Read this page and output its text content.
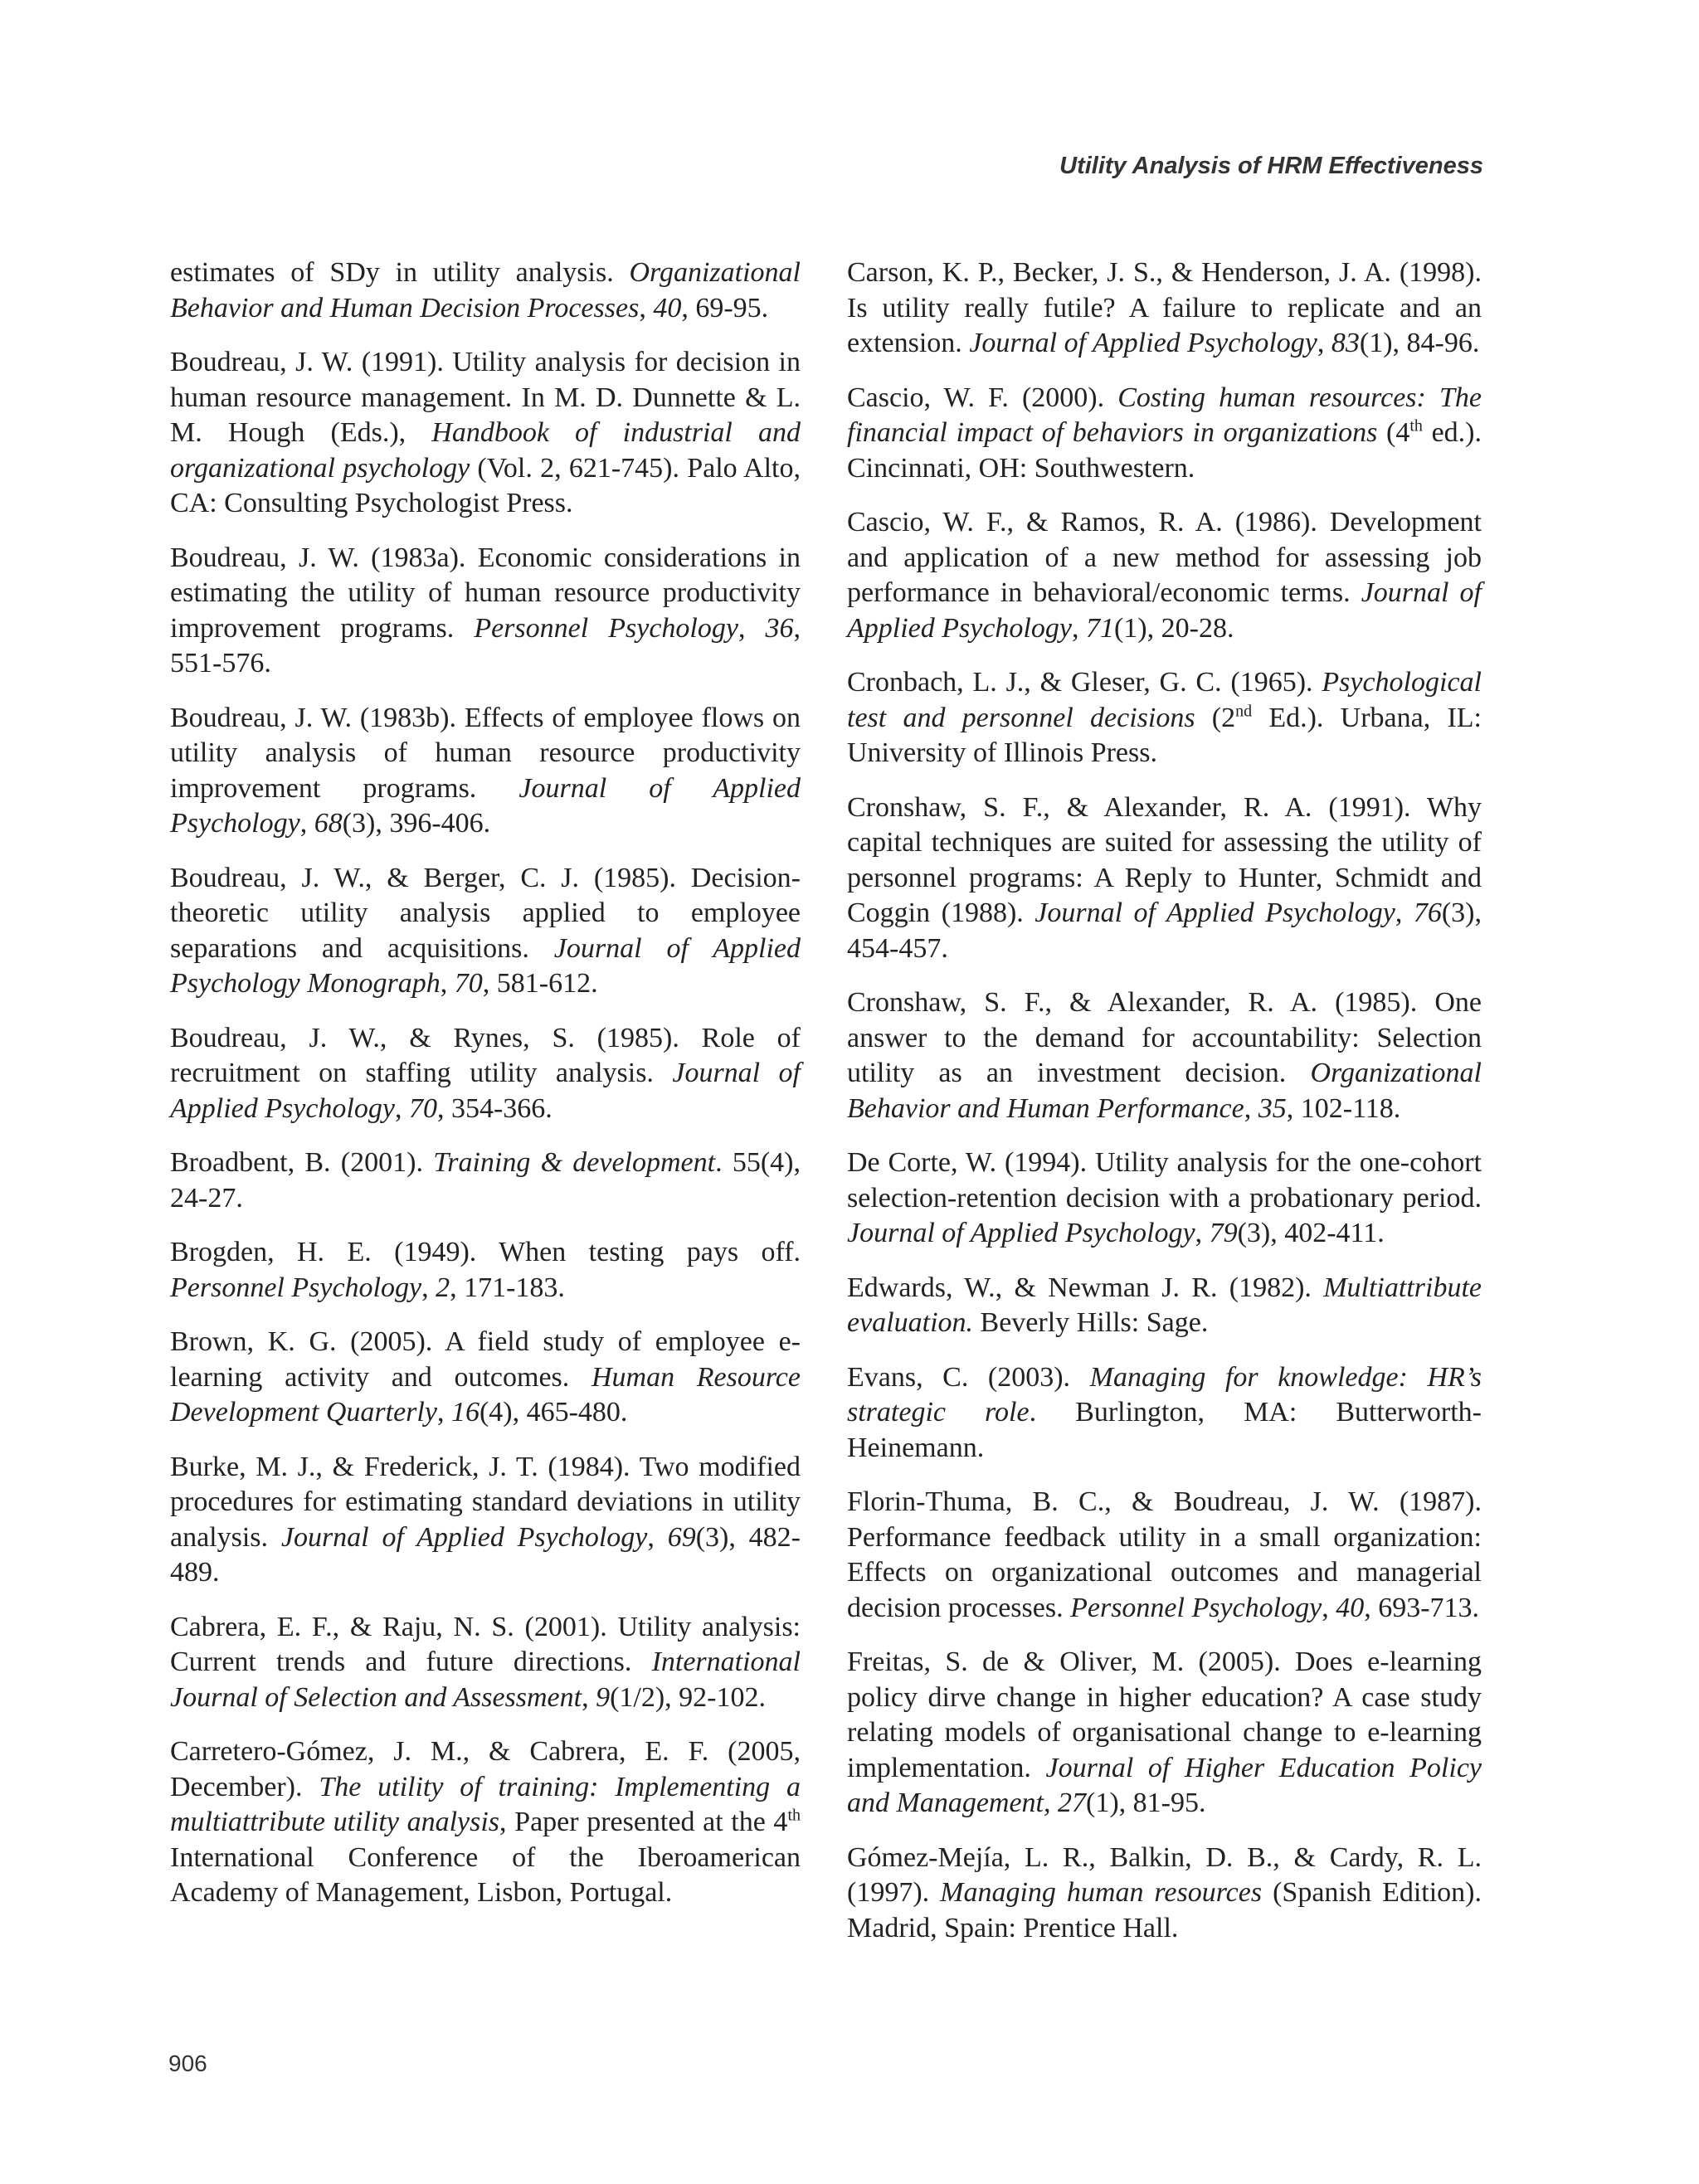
Utility Analysis of HRM Effectiveness

estimates of SDy in utility analysis. Organizational Behavior and Human Decision Processes, 40, 69-95.

Boudreau, J. W. (1991). Utility analysis for decision in human resource management. In M. D. Dunnette & L. M. Hough (Eds.), Handbook of industrial and organizational psychology (Vol. 2, 621-745). Palo Alto, CA: Consulting Psychologist Press.

Boudreau, J. W. (1983a). Economic considerations in estimating the utility of human resource productivity improvement programs. Personnel Psychology, 36, 551-576.

Boudreau, J. W. (1983b). Effects of employee flows on utility analysis of human resource productivity improvement programs. Journal of Applied Psychology, 68(3), 396-406.

Boudreau, J. W., & Berger, C. J. (1985). Decision-theoretic utility analysis applied to employee separations and acquisitions. Journal of Applied Psychology Monograph, 70, 581-612.

Boudreau, J. W., & Rynes, S. (1985). Role of recruitment on staffing utility analysis. Journal of Applied Psychology, 70, 354-366.

Broadbent, B. (2001). Training & development. 55(4), 24-27.

Brogden, H. E. (1949). When testing pays off. Personnel Psychology, 2, 171-183.

Brown, K. G. (2005). A field study of employee e-learning activity and outcomes. Human Resource Development Quarterly, 16(4), 465-480.

Burke, M. J., & Frederick, J. T. (1984). Two modified procedures for estimating standard deviations in utility analysis. Journal of Applied Psychology, 69(3), 482-489.

Cabrera, E. F., & Raju, N. S. (2001). Utility analysis: Current trends and future directions. International Journal of Selection and Assessment, 9(1/2), 92-102.

Carretero-Gómez, J. M., & Cabrera, E. F. (2005, December). The utility of training: Implementing a multiattribute utility analysis, Paper presented at the 4th International Conference of the Iberoamerican Academy of Management, Lisbon, Portugal.

Carson, K. P., Becker, J. S., & Henderson, J. A. (1998). Is utility really futile? A failure to replicate and an extension. Journal of Applied Psychology, 83(1), 84-96.

Cascio, W. F. (2000). Costing human resources: The financial impact of behaviors in organizations (4th ed.). Cincinnati, OH: Southwestern.

Cascio, W. F., & Ramos, R. A. (1986). Development and application of a new method for assessing job performance in behavioral/economic terms. Journal of Applied Psychology, 71(1), 20-28.

Cronbach, L. J., & Gleser, G. C. (1965). Psychological test and personnel decisions (2nd Ed.). Urbana, IL: University of Illinois Press.

Cronshaw, S. F., & Alexander, R. A. (1991). Why capital techniques are suited for assessing the utility of personnel programs: A Reply to Hunter, Schmidt and Coggin (1988). Journal of Applied Psychology, 76(3), 454-457.

Cronshaw, S. F., & Alexander, R. A. (1985). One answer to the demand for accountability: Selection utility as an investment decision. Organizational Behavior and Human Performance, 35, 102-118.

De Corte, W. (1994). Utility analysis for the one-cohort selection-retention decision with a probationary period. Journal of Applied Psychology, 79(3), 402-411.

Edwards, W., & Newman J. R. (1982). Multiattribute evaluation. Beverly Hills: Sage.

Evans, C. (2003). Managing for knowledge: HR’s strategic role. Burlington, MA: Butterworth-Heinemann.

Florin-Thuma, B. C., & Boudreau, J. W. (1987). Performance feedback utility in a small organization: Effects on organizational outcomes and managerial decision processes. Personnel Psychology, 40, 693-713.

Freitas, S. de & Oliver, M. (2005). Does e-learning policy dirve change in higher education? A case study relating models of organisational change to e-learning implementation. Journal of Higher Education Policy and Management, 27(1), 81-95.

Gómez-Mejía, L. R., Balkin, D. B., & Cardy, R. L. (1997). Managing human resources (Spanish Edition). Madrid, Spain: Prentice Hall.

906
